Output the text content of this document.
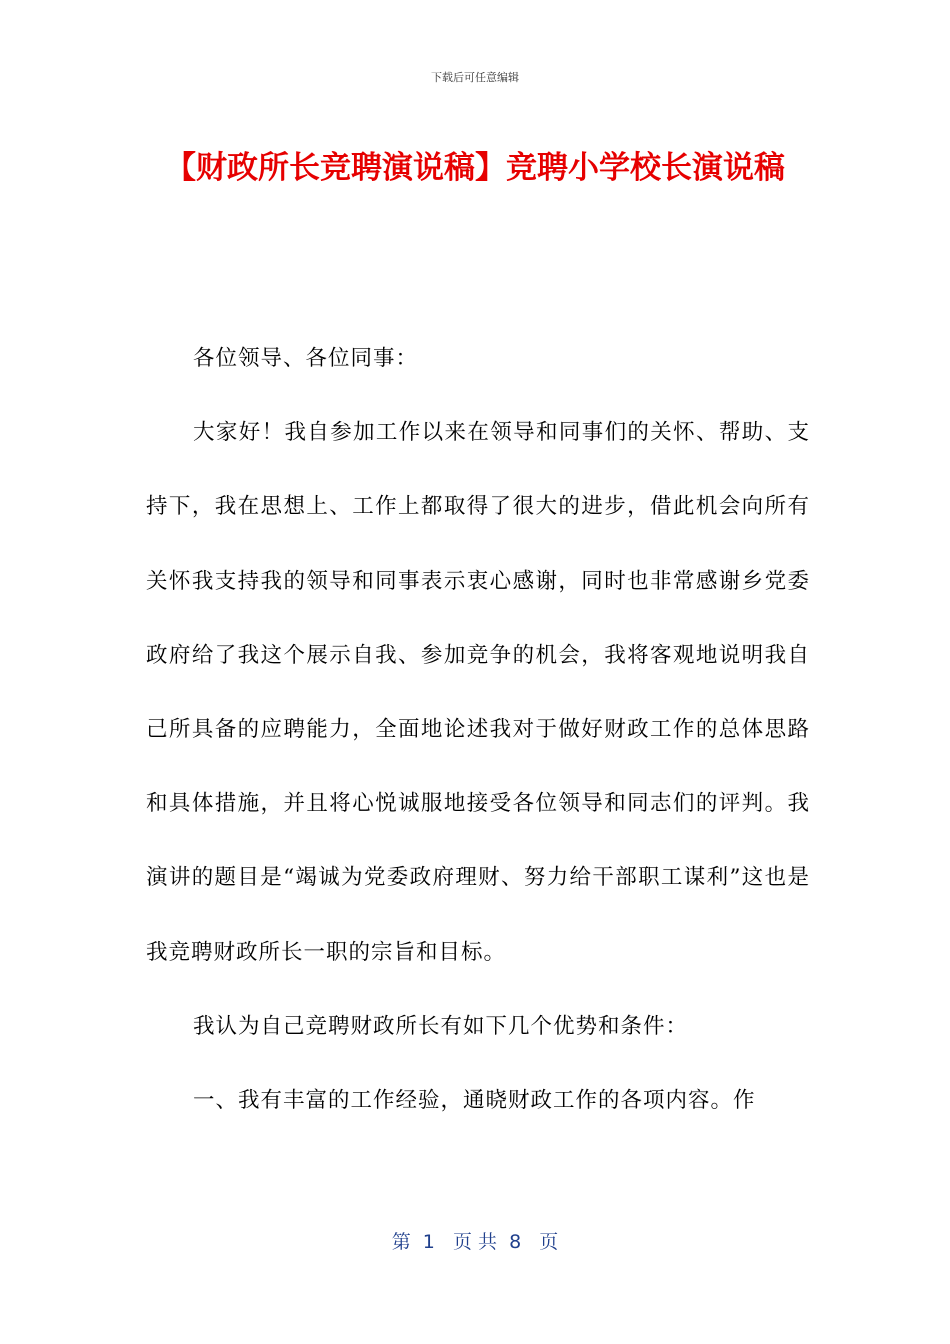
下载后可任意编辑
【财政所长竞聘演说稿】竞聘小学校长演说稿

各位领导、各位同事：

大家好！我自参加工作以来在领导和同事们的关怀、帮助、支持下，我在思想上、工作上都取得了很大的进步，借此机会向所有关怀我支持我的领导和同事表示衷心感谢，同时也非常感谢乡党委政府给了我这个展示自我、参加竞争的机会，我将客观地说明我自己所具备的应聘能力，全面地论述我对于做好财政工作的总体思路和具体措施，并且将心悦诚服地接受各位领导和同志们的评判。我演讲的题目是“竭诚为党委政府理财、努力给干部职工谋利”这也是我竞聘财政所长一职的宗旨和目标。

我认为自己竞聘财政所长有如下几个优势和条件：

一、我有丰富的工作经验，通晓财政工作的各项内容。作

第  1   页 共  8   页
